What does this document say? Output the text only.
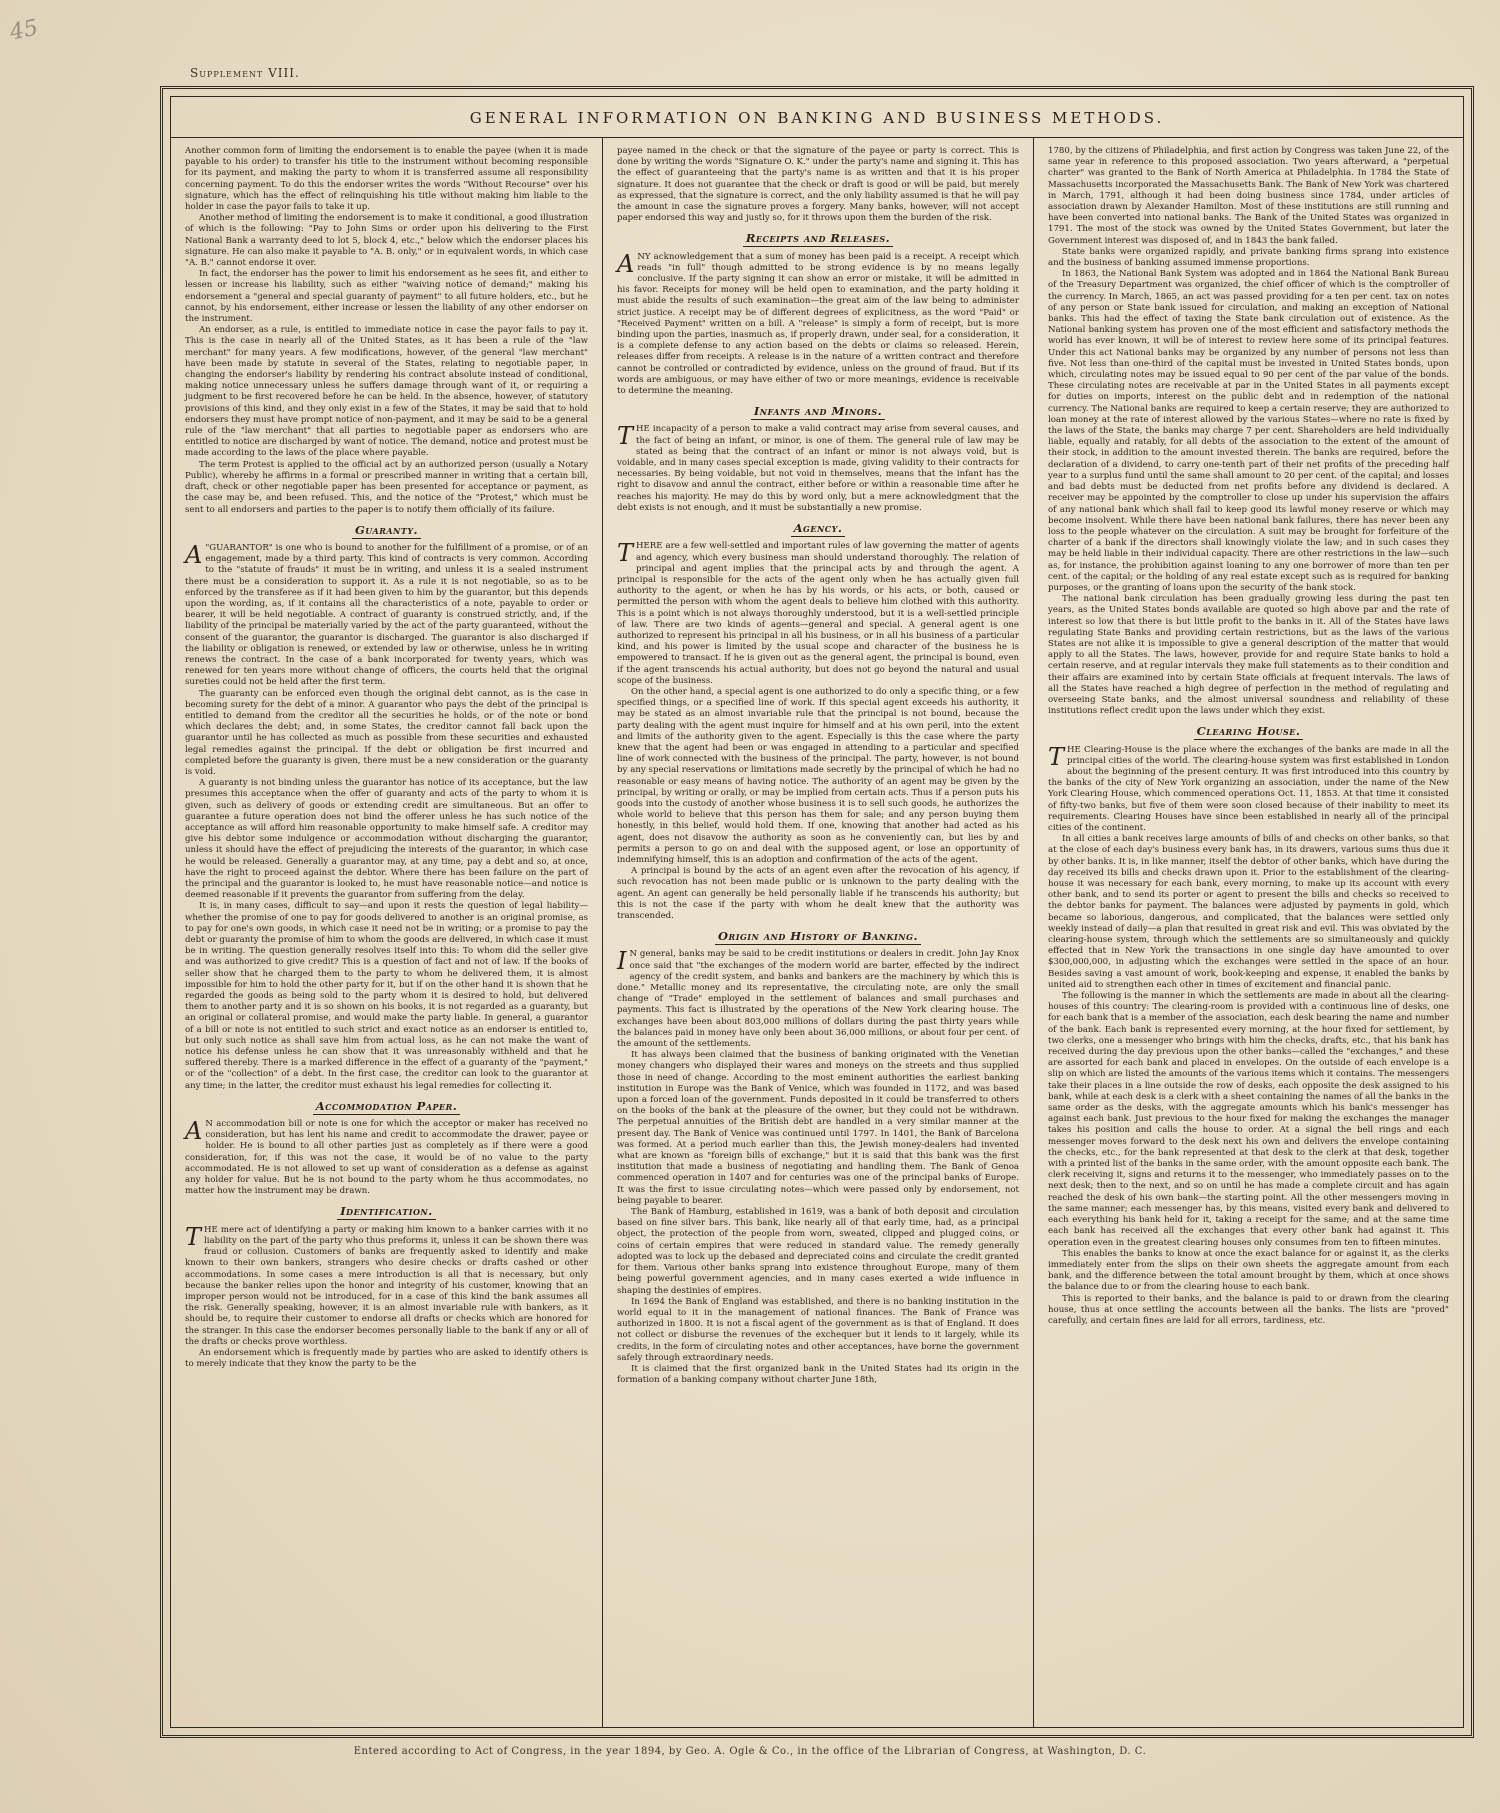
45
Supplement VIII.
GENERAL INFORMATION ON BANKING AND BUSINESS METHODS.

Another common form of limiting the endorsement is to enable the payee (when it is made payable to his order) to transfer his title to the instrument without becoming responsible for its payment, and making the party to whom it is transferred assume all responsibility concerning payment. To do this the endorser writes the words "Without Recourse" over his signature, which has the effect of relinquishing his title without making him liable to the holder in case the payor fails to take it up.

Another method of limiting the endorsement is to make it conditional, a good illustration of which is the following: "Pay to John Sims or order upon his delivering to the First National Bank a warranty deed to lot 5, block 4, etc.," below which the endorser places his signature. He can also make it payable to "A. B. only," or in equivalent words, in which case "A. B." cannot endorse it over.

In fact, the endorser has the power to limit his endorsement as he sees fit, and either to lessen or increase his liability, such as either "waiving notice of demand;" making his endorsement a "general and special guaranty of payment" to all future holders, etc., but he cannot, by his endorsement, either increase or lessen the liability of any other endorser on the instrument.

An endorser, as a rule, is entitled to immediate notice in case the payor fails to pay it. This is the case in nearly all of the United States, as it has been a rule of the "law merchant" for many years. A few modifications, however, of the general "law merchant" have been made by statute in several of the States, relating to negotiable paper, in changing the endorser's liability by rendering his contract absolute instead of conditional, making notice unnecessary unless he suffers damage through want of it, or requiring a judgment to be first recovered before he can be held. In the absence, however, of statutory provisions of this kind, and they only exist in a few of the States, it may be said that to hold endorsers they must have prompt notice of non-payment, and it may be said to be a general rule of the "law merchant" that all parties to negotiable paper as endorsers who are entitled to notice are discharged by want of notice. The demand, notice and protest must be made according to the laws of the place where payable.

The term Protest is applied to the official act by an authorized person (usually a Notary Public), whereby he affirms in a formal or prescribed manner in writing that a certain bill, draft, check or other negotiable paper has been presented for acceptance or payment, as the case may be, and been refused. This, and the notice of the "Protest," which must be sent to all endorsers and parties to the paper is to notify them officially of its failure.

Guaranty.

A "GUARANTOR" is one who is bound to another for the fulfillment of a promise, or of an engagement, made by a third party. This kind of contracts is very common. According to the "statute of frauds" it must be in writing, and unless it is a sealed instrument there must be a consideration to support it. As a rule it is not negotiable, so as to be enforced by the transferee as if it had been given to him by the guarantor, but this depends upon the wording, as, if it contains all the characteristics of a note, payable to order or bearer, it will be held negotiable. A contract of guaranty is construed strictly, and, if the liability of the principal be materially varied by the act of the party guaranteed, without the consent of the guarantor, the guarantor is discharged. The guarantor is also discharged if the liability or obligation is renewed, or extended by law or otherwise, unless he in writing renews the contract. In the case of a bank incorporated for twenty years, which was renewed for ten years more without change of officers, the courts held that the original sureties could not be held after the first term.

The guaranty can be enforced even though the original debt cannot, as is the case in becoming surety for the debt of a minor. A guarantor who pays the debt of the principal is entitled to demand from the creditor all the securities he holds, or of the note or bond which declares the debt; and, in some States, the creditor cannot fall back upon the guarantor until he has collected as much as possible from these securities and exhausted legal remedies against the principal. If the debt or obligation be first incurred and completed before the guaranty is given, there must be a new consideration or the guaranty is void.

A guaranty is not binding unless the guarantor has notice of its acceptance, but the law presumes this acceptance when the offer of guaranty and acts of the party to whom it is given, such as delivery of goods or extending credit are simultaneous. But an offer to guarantee a future operation does not bind the offerer unless he has such notice of the acceptance as will afford him reasonable opportunity to make himself safe. A creditor may give his debtor some indulgence or accommodation without discharging the guarantor, unless it should have the effect of prejudicing the interests of the guarantor, in which case he would be released. Generally a guarantor may, at any time, pay a debt and so, at once, have the right to proceed against the debtor. Where there has been failure on the part of the principal and the guarantor is looked to, he must have reasonable notice—and notice is deemed reasonable if it prevents the guarantor from suffering from the delay.

It is, in many cases, difficult to say—and upon it rests the question of legal liability—whether the promise of one to pay for goods delivered to another is an original promise, as to pay for one's own goods, in which case it need not be in writing; or a promise to pay the debt or guaranty the promise of him to whom the goods are delivered, in which case it must be in writing. The question generally resolves itself into this: To whom did the seller give and was authorized to give credit? This is a question of fact and not of law. If the books of seller show that he charged them to the party to whom he delivered them, it is almost impossible for him to hold the other party for it, but if on the other hand it is shown that he regarded the goods as being sold to the party whom it is desired to hold, but delivered them to another party and it is so shown on his books, it is not regarded as a guaranty, but an original or collateral promise, and would make the party liable. In general, a guarantor of a bill or note is not entitled to such strict and exact notice as an endorser is entitled to, but only such notice as shall save him from actual loss, as he can not make the want of notice his defense unless he can show that it was unreasonably withheld and that he suffered thereby. There is a marked difference in the effect of a guaranty of the "payment," or of the "collection" of a debt. In the first case, the creditor can look to the guarantor at any time; in the latter, the creditor must exhaust his legal remedies for collecting it.

Accommodation Paper.

A N accommodation bill or note is one for which the acceptor or maker has received no consideration, but has lent his name and credit to accommodate the drawer, payee or holder. He is bound to all other parties just as completely as if there were a good consideration, for, if this was not the case, it would be of no value to the party accommodated. He is not allowed to set up want of consideration as a defense as against any holder for value. But he is not bound to the party whom he thus accommodates, no matter how the instrument may be drawn.

Identification.

THE mere act of identifying a party or making him known to a banker carries with it no liability on the part of the party who thus preforms it, unless it can be shown there was fraud or collusion. Customers of banks are frequently asked to identify and make known to their own bankers, strangers who desire checks or drafts cashed or other accommodations. In some cases a mere introduction is all that is necessary, but only because the banker relies upon the honor and integrity of his customer, knowing that an improper person would not be introduced, for in a case of this kind the bank assumes all the risk. Generally speaking, however, it is an almost invariable rule with bankers, as it should be, to require their customer to endorse all drafts or checks which are honored for the stranger. In this case the endorser becomes personally liable to the bank if any or all of the drafts or checks prove worthless.

An endorsement which is frequently made by parties who are asked to identify others is to merely indicate that they know the party to be the

payee named in the check or that the signature of the payee or party is correct. This is done by writing the words "Signature O. K." under the party's name and signing it. This has the effect of guaranteeing that the party's name is as written and that it is his proper signature. It does not guarantee that the check or draft is good or will be paid, but merely as expressed, that the signature is correct, and the only liability assumed is that he will pay the amount in case the signature proves a forgery. Many banks, however, will not accept paper endorsed this way and justly so, for it throws upon them the burden of the risk.

Receipts and Releases.

ANY acknowledgement that a sum of money has been paid is a receipt. A receipt which reads "in full" though admitted to be strong evidence is by no means legally conclusive. If the party signing it can show an error or mistake, it will be admitted in his favor. Receipts for money will be held open to examination, and the party holding it must abide the results of such examination—the great aim of the law being to administer strict justice. A receipt may be of different degrees of explicitness, as the word "Paid" or "Received Payment" written on a bill. A "release" is simply a form of receipt, but is more binding upon the parties, inasmuch as, if properly drawn, under seal, for a consideration, it is a complete defense to any action based on the debts or claims so released. Herein, releases differ from receipts. A release is in the nature of a written contract and therefore cannot be controlled or contradicted by evidence, unless on the ground of fraud. But if its words are ambiguous, or may have either of two or more meanings, evidence is receivable to determine the meaning.

Infants and Minors.

THE incapacity of a person to make a valid contract may arise from several causes, and the fact of being an infant, or minor, is one of them. The general rule of law may be stated as being that the contract of an infant or minor is not always void, but is voidable, and in many cases special exception is made, giving validity to their contracts for necessaries. By being voidable, but not void in themselves, means that the infant has the right to disavow and annul the contract, either before or within a reasonable time after he reaches his majority. He may do this by word only, but a mere acknowledgment that the debt exists is not enough, and it must be substantially a new promise.

Agency.

THERE are a few well-settled and important rules of law governing the matter of agents and agency, which every business man should understand thoroughly. The relation of principal and agent implies that the principal acts by and through the agent. A principal is responsible for the acts of the agent only when he has actually given full authority to the agent, or when he has by his words, or his acts, or both, caused or permitted the person with whom the agent deals to believe him clothed with this authority. This is a point which is not always thoroughly understood, but it is a well-settled principle of law. There are two kinds of agents—general and special. A general agent is one authorized to represent his principal in all his business, or in all his business of a particular kind, and his power is limited by the usual scope and character of the business he is empowered to transact. If he is given out as the general agent, the principal is bound, even if the agent transcends his actual authority, but does not go beyond the natural and usual scope of the business.

On the other hand, a special agent is one authorized to do only a specific thing, or a few specified things, or a specified line of work. If this special agent exceeds his authority, it may be stated as an almost invariable rule that the principal is not bound, because the party dealing with the agent must inquire for himself and at his own peril, into the extent and limits of the authority given to the agent. Especially is this the case where the party knew that the agent had been or was engaged in attending to a particular and specified line of work connected with the business of the principal. The party, however, is not bound by any special reservations or limitations made secretly by the principal of which he had no reasonable or easy means of having notice. The authority of an agent may be given by the principal, by writing or orally, or may be implied from certain acts. Thus if a person puts his goods into the custody of another whose business it is to sell such goods, he authorizes the whole world to believe that this person has them for sale; and any person buying them honestly, in this belief, would hold them. If one, knowing that another had acted as his agent, does not disavow the authority as soon as he conveniently can, but lies by and permits a person to go on and deal with the supposed agent, or lose an opportunity of indemnifying himself, this is an adoption and confirmation of the acts of the agent.

A principal is bound by the acts of an agent even after the revocation of his agency, if such revocation has not been made public or is unknown to the party dealing with the agent. An agent can generally be held personally liable if he transcends his authority; but this is not the case if the party with whom he dealt knew that the authority was transcended.

Origin and History of Banking.

I N general, banks may be said to be credit institutions or dealers in credit. John Jay Knox once said that "the exchanges of the modern world are barter, effected by the indirect agency of the credit system, and banks and bankers are the machinery by which this is done." Metallic money and its representative, the circulating note, are only the small change of "Trade" employed in the settlement of balances and small purchases and payments. This fact is illustrated by the operations of the New York clearing house. The exchanges have been about 803,000 millions of dollars during the past thirty years while the balances paid in money have only been about 36,000 millions, or about four per cent. of the amount of the settlements.

It has always been claimed that the business of banking originated with the Venetian money changers who displayed their wares and moneys on the streets and thus supplied those in need of change. According to the most eminent authorities the earliest banking institution in Europe was the Bank of Venice, which was founded in 1172, and was based upon a forced loan of the government. Funds deposited in it could be transferred to others on the books of the bank at the pleasure of the owner, but they could not be withdrawn. The perpetual annuities of the British debt are handled in a very similar manner at the present day. The Bank of Venice was continued until 1797. In 1401, the Bank of Barcelona was formed. At a period much earlier than this, the Jewish money-dealers had invented what are known as "foreign bills of exchange," but it is said that this bank was the first institution that made a business of negotiating and handling them. The Bank of Genoa commenced operation in 1407 and for centuries was one of the principal banks of Europe. It was the first to issue circulating notes—which were passed only by endorsement, not being payable to bearer.

The Bank of Hamburg, established in 1619, was a bank of both deposit and circulation based on fine silver bars. This bank, like nearly all of that early time, had, as a principal object, the protection of the people from worn, sweated, clipped and plugged coins, or coins of certain empires that were reduced in standard value. The remedy generally adopted was to lock up the debased and depreciated coins and circulate the credit granted for them. Various other banks sprang into existence throughout Europe, many of them being powerful government agencies, and in many cases exerted a wide influence in shaping the destinies of empires.

In 1694 the Bank of England was established, and there is no banking institution in the world equal to it in the management of national finances. The Bank of France was authorized in 1800. It is not a fiscal agent of the government as is that of England. It does not collect or disburse the revenues of the exchequer but it lends to it largely, while its credits, in the form of circulating notes and other acceptances, have borne the government safely through extraordinary needs.

It is claimed that the first organized bank in the United States had its origin in the formation of a banking company without charter June 18th,

1780, by the citizens of Philadelphia, and first action by Congress was taken June 22, of the same year in reference to this proposed association. Two years afterward, a "perpetual charter" was granted to the Bank of North America at Philadelphia. In 1784 the State of Massachusetts incorporated the Massachusetts Bank. The Bank of New York was chartered in March, 1791, although it had been doing business since 1784, under articles of association drawn by Alexander Hamilton. Most of these institutions are still running and have been converted into national banks. The Bank of the United States was organized in 1791. The most of the stock was owned by the United States Government, but later the Government interest was disposed of, and in 1843 the bank failed.

State banks were organized rapidly, and private banking firms sprang into existence and the business of banking assumed immense proportions.

In 1863, the National Bank System was adopted and in 1864 the National Bank Bureau of the Treasury Department was organized, the chief officer of which is the comptroller of the currency. In March, 1865, an act was passed providing for a ten per cent. tax on notes of any person or State bank issued for circulation, and making an exception of National banks. This had the effect of taxing the State bank circulation out of existence. As the National banking system has proven one of the most efficient and satisfactory methods the world has ever known, it will be of interest to review here some of its principal features. Under this act National banks may be organized by any number of persons not less than five. Not less than one-third of the capital must be invested in United States bonds, upon which, circulating notes may be issued equal to 90 per cent of the par value of the bonds. These circulating notes are receivable at par in the United States in all payments except for duties on imports, interest on the public debt and in redemption of the national currency. The National banks are required to keep a certain reserve; they are authorized to loan money at the rate of interest allowed by the various States—where no rate is fixed by the laws of the State, the banks may charge 7 per cent. Shareholders are held individually liable, equally and ratably, for all debts of the association to the extent of the amount of their stock, in addition to the amount invested therein. The banks are required, before the declaration of a dividend, to carry one-tenth part of their net profits of the preceding half year to a surplus fund until the same shall amount to 20 per cent. of the capital; and losses and bad debts must be deducted from net profits before any dividend is declared. A receiver may be appointed by the comptroller to close up under his supervision the affairs of any national bank which shall fail to keep good its lawful money reserve or which may become insolvent. While there have been national bank failures, there has never been any loss to the people whatever on the circulation. A suit may be brought for forfeiture of the charter of a bank if the directors shall knowingly violate the law; and in such cases they may be held liable in their individual capacity. There are other restrictions in the law—such as, for instance, the prohibition against loaning to any one borrower of more than ten per cent. of the capital; or the holding of any real estate except such as is required for banking purposes, or the granting of loans upon the security of the bank stock.

The national bank circulation has been gradually growing less during the past ten years, as the United States bonds available are quoted so high above par and the rate of interest so low that there is but little profit to the banks in it. All of the States have laws regulating State Banks and providing certain restrictions, but as the laws of the various States are not alike it is impossible to give a general description of the matter that would apply to all the States. The laws, however, provide for and require State banks to hold a certain reserve, and at regular intervals they make full statements as to their condition and their affairs are examined into by certain State officials at frequent intervals. The laws of all the States have reached a high degree of perfection in the method of regulating and overseeing State banks, and the almost universal soundness and reliability of these institutions reflect credit upon the laws under which they exist.

Clearing House.

THE Clearing-House is the place where the exchanges of the banks are made in all the principal cities of the world. The clearing-house system was first established in London about the beginning of the present century. It was first introduced into this country by the banks of the city of New York organizing an association, under the name of the New York Clearing House, which commenced operations Oct. 11, 1853. At that time it consisted of fifty-two banks, but five of them were soon closed because of their inability to meet its requirements. Clearing Houses have since been established in nearly all of the principal cities of the continent.

In all cities a bank receives large amounts of bills of and checks on other banks, so that at the close of each day's business every bank has, in its drawers, various sums thus due it by other banks. It is, in like manner, itself the debtor of other banks, which have during the day received its bills and checks drawn upon it. Prior to the establishment of the clearing-house it was necessary for each bank, every morning, to make up its account with every other bank, and to send its porter or agent to present the bills and checks so received to the debtor banks for payment. The balances were adjusted by payments in gold, which became so laborious, dangerous, and complicated, that the balances were settled only weekly instead of daily—a plan that resulted in great risk and evil. This was obviated by the clearing-house system, through which the settlements are so simultaneously and quickly effected that in New York the transactions in one single day have amounted to over $300,000,000, in adjusting which the exchanges were settled in the space of an hour. Besides saving a vast amount of work, book-keeping and expense, it enabled the banks by united aid to strengthen each other in times of excitement and financial panic.

The following is the manner in which the settlements are made in about all the clearing-houses of this country: The clearing-room is provided with a continuous line of desks, one for each bank that is a member of the association, each desk bearing the name and number of the bank. Each bank is represented every morning, at the hour fixed for settlement, by two clerks, one a messenger who brings with him the checks, drafts, etc., that his bank has received during the day previous upon the other banks—called the "exchanges," and these are assorted for each bank and placed in envelopes. On the outside of each envelope is a slip on which are listed the amounts of the various items which it contains. The messengers take their places in a line outside the row of desks, each opposite the desk assigned to his bank, while at each desk is a clerk with a sheet containing the names of all the banks in the same order as the desks, with the aggregate amounts which his bank's messenger has against each bank. Just previous to the hour fixed for making the exchanges the manager takes his position and calls the house to order. At a signal the bell rings and each messenger moves forward to the desk next his own and delivers the envelope containing the checks, etc., for the bank represented at that desk to the clerk at that desk, together with a printed list of the banks in the same order, with the amount opposite each bank. The clerk receiving it, signs and returns it to the messenger, who immediately passes on to the next desk; then to the next, and so on until he has made a complete circuit and has again reached the desk of his own bank—the starting point. All the other messengers moving in the same manner; each messenger has, by this means, visited every bank and delivered to each everything his bank held for it, taking a receipt for the same; and at the same time each bank has received all the exchanges that every other bank had against it. This operation even in the greatest clearing houses only consumes from ten to fifteen minutes.

This enables the banks to know at once the exact balance for or against it, as the clerks immediately enter from the slips on their own sheets the aggregate amount from each bank, and the difference between the total amount brought by them, which at once shows the balance due to or from the clearing house to each bank.

This is reported to their banks, and the balance is paid to or drawn from the clearing house, thus at once settling the accounts between all the banks. The lists are "proved" carefully, and certain fines are laid for all errors, tardiness, etc.

Entered according to Act of Congress, in the year 1894, by Geo. A. Ogle & Co., in the office of the Librarian of Congress, at Washington, D. C.
